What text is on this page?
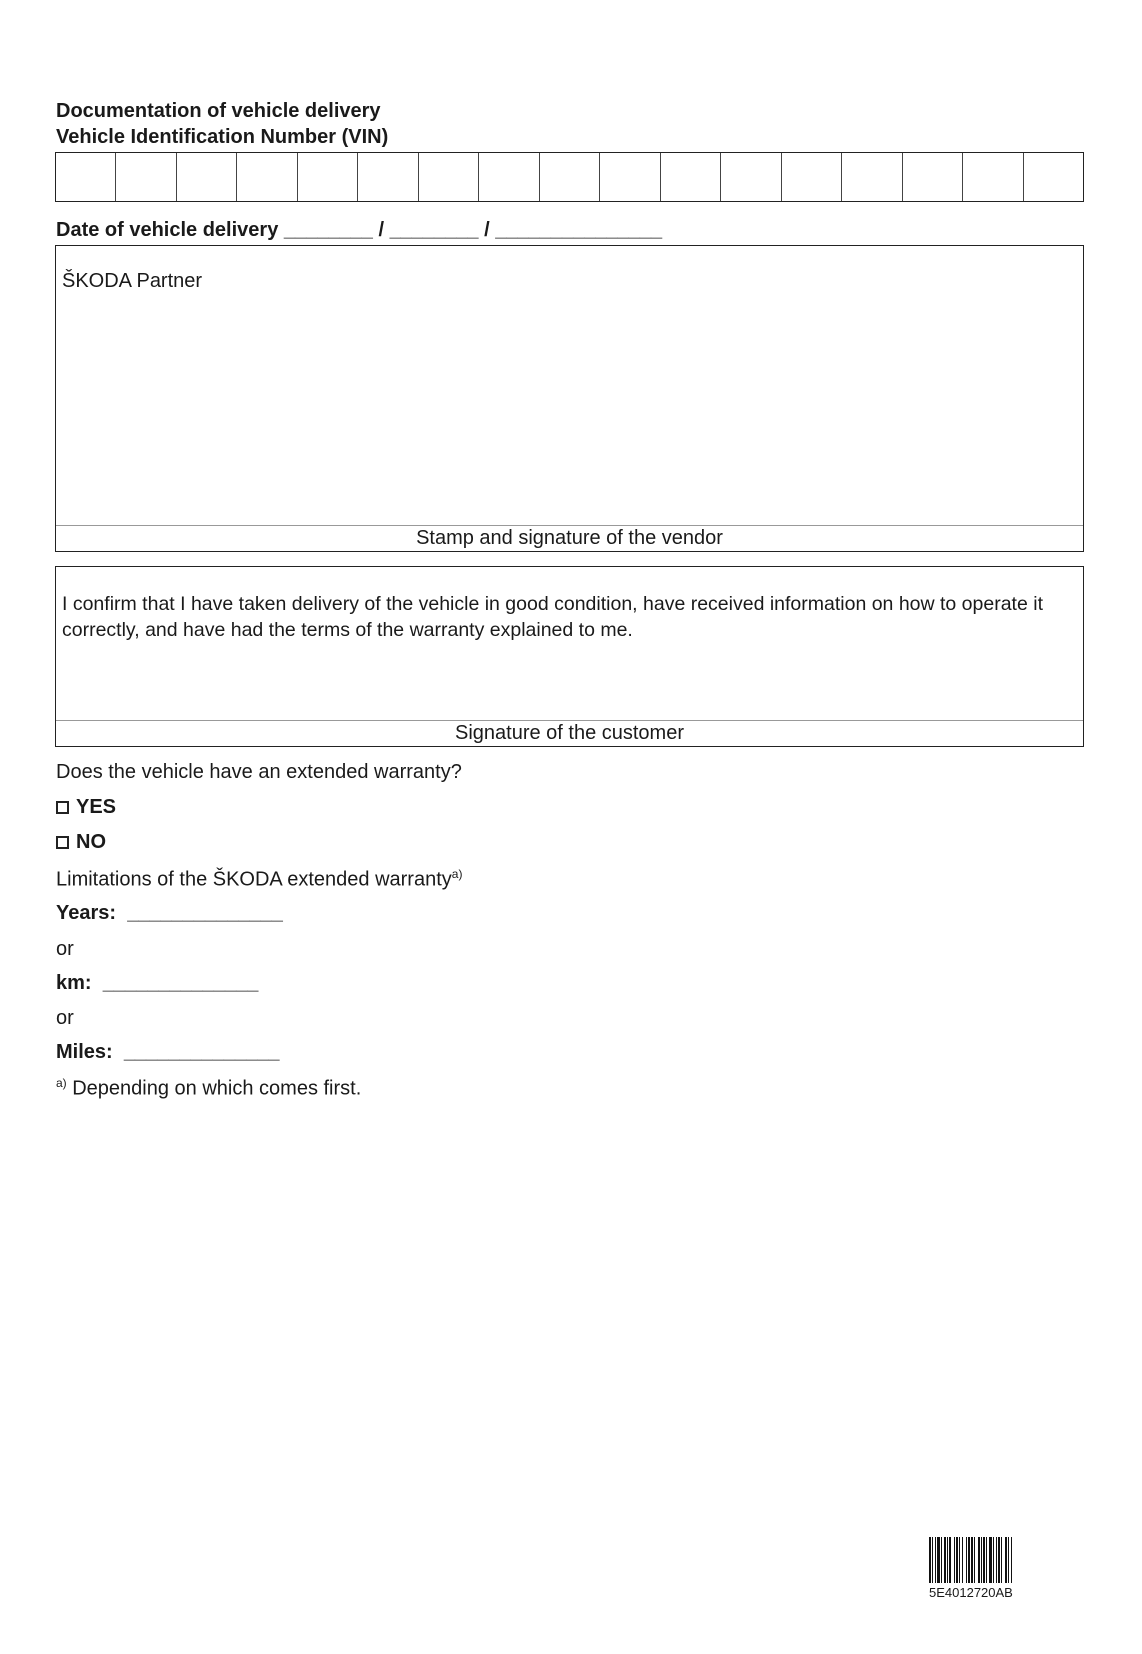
Documentation of vehicle delivery
Vehicle Identification Number (VIN)
Date of vehicle delivery ________ / ________ / _______________
ŠKODA Partner
Stamp and signature of the vendor
I confirm that I have taken delivery of the vehicle in good condition, have received information on how to operate it correctly, and have had the terms of the warranty explained to me.
Signature of the customer
Does the vehicle have an extended warranty?
YES
NO
Limitations of the ŠKODA extended warranty$^{a)}$
Years: ______________
or
km: ______________
or
Miles: ______________
$^{a)}$ Depending on which comes first.
5E4012720AB
